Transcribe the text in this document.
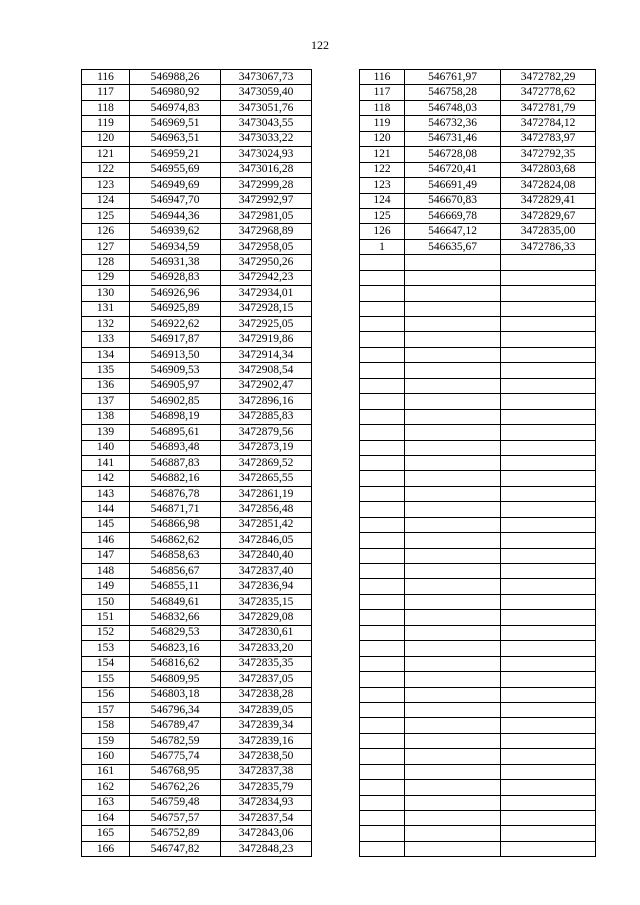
122
116	546988,26	3473067,73		116	546761,97	3472782,29
117	546980,92	3473059,40		117	546758,28	3472778,62
118	546974,83	3473051,76		118	546748,03	3472781,79
119	546969,51	3473043,55		119	546732,36	3472784,12
120	546963,51	3473033,22		120	546731,46	3472783,97
121	546959,21	3473024,93		121	546728,08	3472792,35
122	546955,69	3473016,28		122	546720,41	3472803,68
123	546949,69	3472999,28		123	546691,49	3472824,08
124	546947,70	3472992,97		124	546670,83	3472829,41
125	546944,36	3472981,05		125	546669,78	3472829,67
126	546939,62	3472968,89		126	546647,12	3472835,00
127	546934,59	3472958,05		1	546635,67	3472786,33
128	546931,38	3472950,26				
129	546928,83	3472942,23				
130	546926,96	3472934,01				
131	546925,89	3472928,15				
132	546922,62	3472925,05				
133	546917,87	3472919,86				
134	546913,50	3472914,34				
135	546909,53	3472908,54				
136	546905,97	3472902,47				
137	546902,85	3472896,16				
138	546898,19	3472885,83				
139	546895,61	3472879,56				
140	546893,48	3472873,19				
141	546887,83	3472869,52				
142	546882,16	3472865,55				
143	546876,78	3472861,19				
144	546871,71	3472856,48				
145	546866,98	3472851,42				
146	546862,62	3472846,05				
147	546858,63	3472840,40				
148	546856,67	3472837,40				
149	546855,11	3472836,94				
150	546849,61	3472835,15				
151	546832,66	3472829,08				
152	546829,53	3472830,61				
153	546823,16	3472833,20				
154	546816,62	3472835,35				
155	546809,95	3472837,05				
156	546803,18	3472838,28				
157	546796,34	3472839,05				
158	546789,47	3472839,34				
159	546782,59	3472839,16				
160	546775,74	3472838,50				
161	546768,95	3472837,38				
162	546762,26	3472835,79				
163	546759,48	3472834,93				
164	546757,57	3472837,54				
165	546752,89	3472843,06				
166	546747,82	3472848,23				
